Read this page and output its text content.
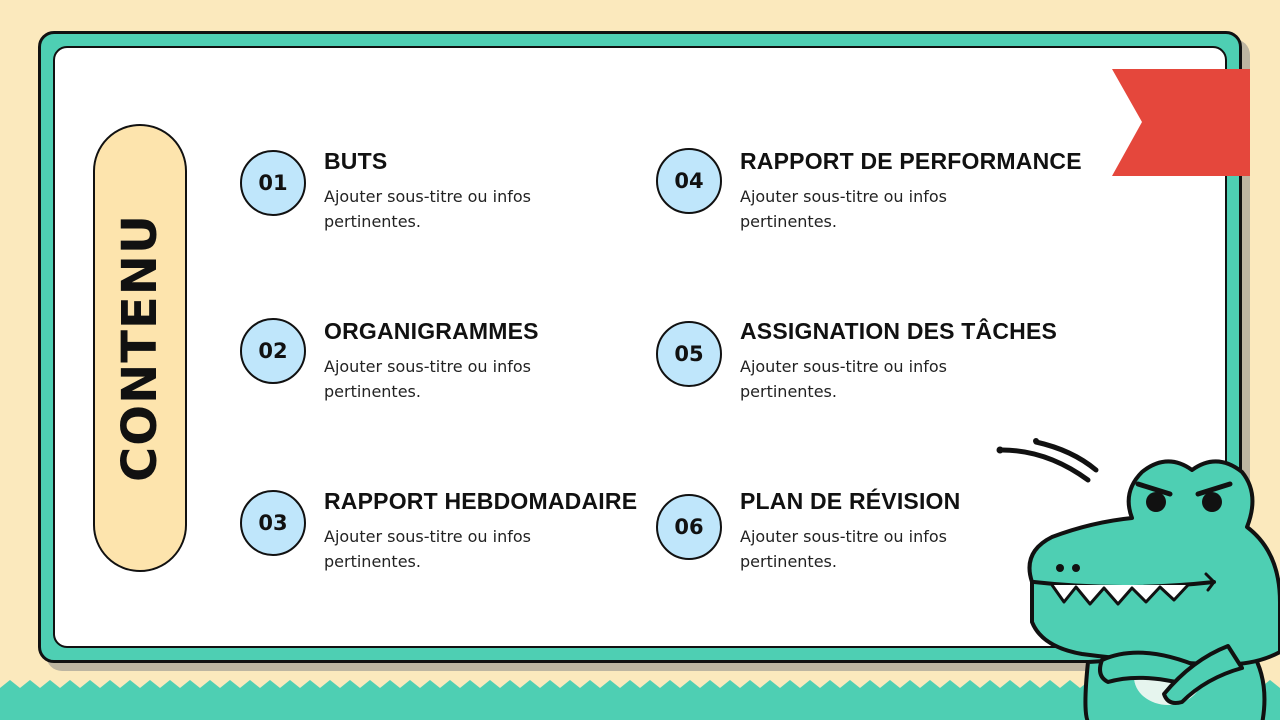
CONTENU
01
BUTS
Ajouter sous-titre ou infos pertinentes.
02
ORGANIGRAMMES
Ajouter sous-titre ou infos pertinentes.
03
RAPPORT HEBDOMADAIRE
Ajouter sous-titre ou infos pertinentes.
04
RAPPORT DE PERFORMANCE
Ajouter sous-titre ou infos pertinentes.
05
ASSIGNATION DES TÂCHES
Ajouter sous-titre ou infos pertinentes.
06
PLAN DE RÉVISION
Ajouter sous-titre ou infos pertinentes.
